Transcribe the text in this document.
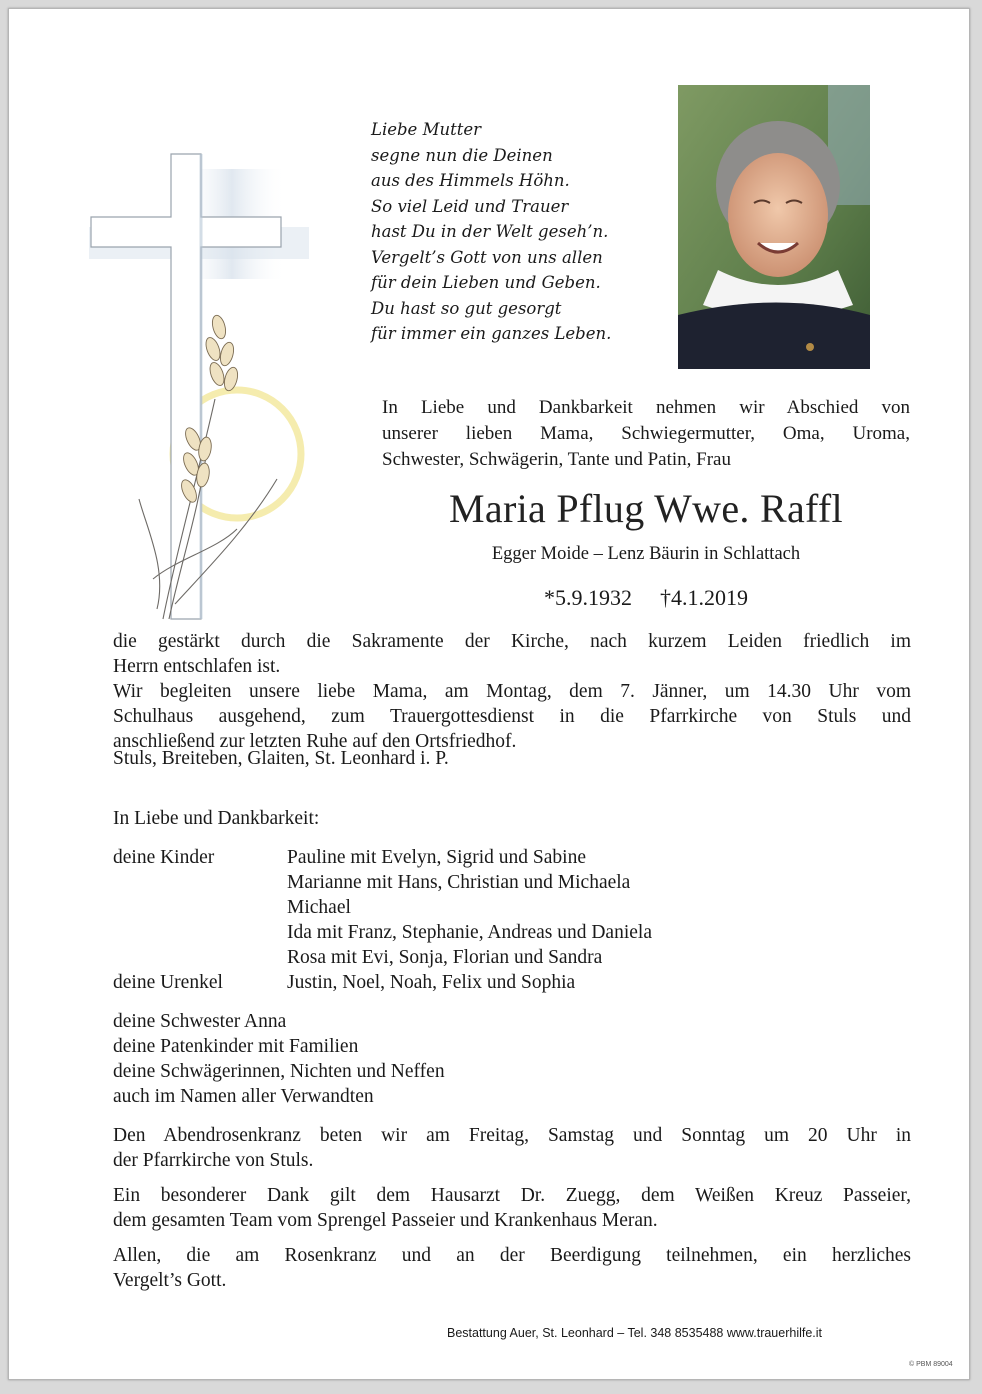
Liebe Mutter
segne nun die Deinen
aus des Himmels Höhn.
So viel Leid und Trauer
hast Du in der Welt geseh’n.
Vergelt’s Gott von uns allen
für dein Lieben und Geben.
Du hast so gut gesorgt
für immer ein ganzes Leben.
In Liebe und Dankbarkeit nehmen wir Abschied von
unserer lieben Mama, Schwiegermutter, Oma, Uroma,
Schwester, Schwägerin, Tante und Patin, Frau
Maria Pflug Wwe. Raffl
Egger Moide – Lenz Bäurin in Schlattach
*5.9.1932 †4.1.2019
die gestärkt durch die Sakramente der Kirche, nach kurzem Leiden friedlich im
Herrn entschlafen ist.
Wir begleiten unsere liebe Mama, am Montag, dem 7. Jänner, um 14.30 Uhr vom
Schulhaus ausgehend, zum Trauergottesdienst in die Pfarrkirche von Stuls und
anschließend zur letzten Ruhe auf den Ortsfriedhof.
Stuls, Breiteben, Glaiten, St. Leonhard i. P.
In Liebe und Dankbarkeit:
deine Kinder	Pauline mit Evelyn, Sigrid und Sabine
Marianne mit Hans, Christian und Michaela
Michael
Ida mit Franz, Stephanie, Andreas und Daniela
Rosa mit Evi, Sonja, Florian und Sandra
deine Urenkel	Justin, Noel, Noah, Felix und Sophia
deine Schwester Anna
deine Patenkinder mit Familien
deine Schwägerinnen, Nichten und Neffen
auch im Namen aller Verwandten
Den Abendrosenkranz beten wir am Freitag, Samstag und Sonntag um 20 Uhr in
der Pfarrkirche von Stuls.
Ein besonderer Dank gilt dem Hausarzt Dr. Zuegg, dem Weißen Kreuz Passeier,
dem gesamten Team vom Sprengel Passeier und Krankenhaus Meran.
Allen, die am Rosenkranz und an der Beerdigung teilnehmen, ein herzliches
Vergelt’s Gott.
Bestattung Auer, St. Leonhard – Tel. 348 8535488 www.trauerhilfe.it
© PBM 89004
